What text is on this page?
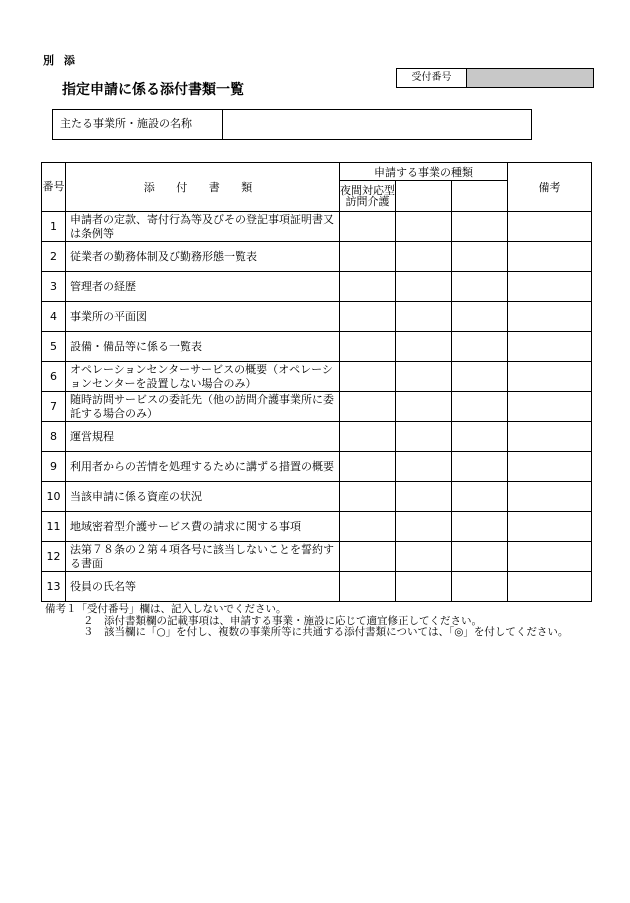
別 添
指定申請に係る添付書類一覧
受付番号
主たる事業所・施設の名称
番号	添 付 書 類	申請する事業の種類			備考
		夜間対応型訪問介護			
1	申請者の定款、寄付行為等及びその登記事項証明書又は条例等				
2	従業者の勤務体制及び勤務形態一覧表				
3	管理者の経歴				
4	事業所の平面図				
5	設備・備品等に係る一覧表				
6	オペレーションセンターサービスの概要（オペレーションセンターを設置しない場合のみ）				
7	随時訪問サービスの委託先（他の訪問介護事業所に委託する場合のみ）				
8	運営規程				
9	利用者からの苦情を処理するために講ずる措置の概要				
10	当該申請に係る資産の状況				
11	地域密着型介護サービス費の請求に関する事項				
12	法第７８条の２第４項各号に該当しないことを誓約する書面				
13	役員の氏名等				
備考１「受付番号」欄は、記入しないでください。
２　添付書類欄の記載事項は、申請する事業・施設に応じて適宜修正してください。
３　該当欄に「○」を付し、複数の事業所等に共通する添付書類については、「◎」を付してください。
